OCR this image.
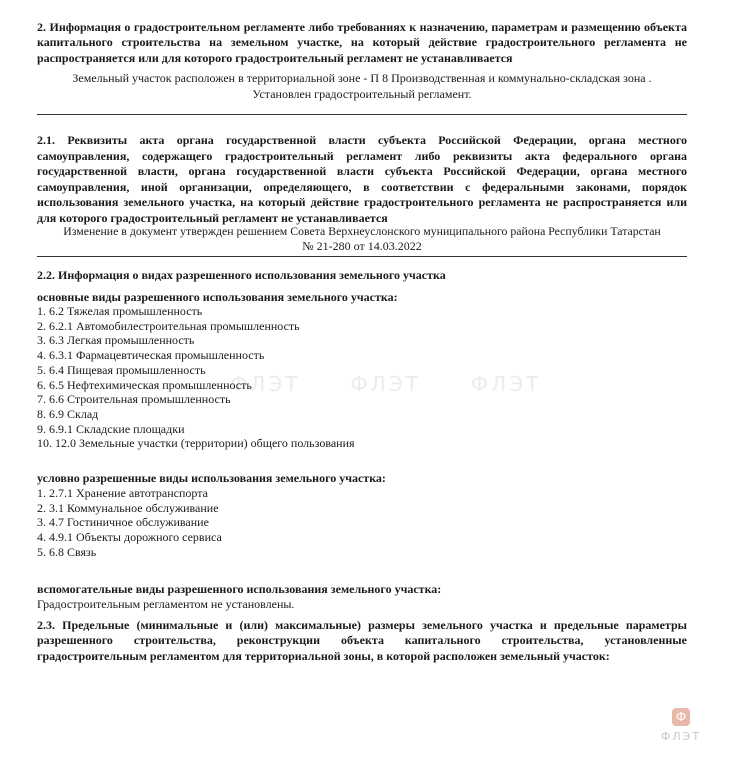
ФЛЭТ	ФЛЭТ	ФЛЭТ
2. Информация о градостроительном регламенте либо требованиях к назначению, параметрам и размещению объекта капитального строительства на земельном участке, на который действие градостроительного регламента не распространяется или для которого градостроительный регламент не устанавливается
Земельный участок расположен в территориальной зоне - П 8 Производственная и коммунально-складская зона .
Установлен градостроительный регламент.
2.1. Реквизиты акта органа государственной власти субъекта Российской Федерации, органа местного самоуправления, содержащего градостроительный регламент либо реквизиты акта федерального органа государственной власти, органа государственной власти субъекта Российской Федерации, органа местного самоуправления, иной организации, определяющего, в соответствии с федеральными законами, порядок использования земельного участка, на который действие градостроительного регламента не распространяется или для которого градостроительный регламент не устанавливается
Изменение в документ утвержден решением Совета Верхнеуслонского муниципального района Республики Татарстан
№ 21-280 от 14.03.2022
2.2. Информация о видах разрешенного использования земельного участка
основные виды разрешенного использования земельного участка:
1. 6.2 Тяжелая промышленность
2. 6.2.1 Автомобилестроительная промышленность
3. 6.3 Легкая промышленность
4. 6.3.1 Фармацевтическая промышленность
5. 6.4 Пищевая промышленность
6. 6.5 Нефтехимическая промышленность
7. 6.6 Строительная промышленность
8. 6.9 Склад
9. 6.9.1 Складские площадки
10. 12.0 Земельные участки (территории) общего пользования
условно разрешенные виды использования земельного участка:
1. 2.7.1 Хранение автотранспорта
2. 3.1 Коммунальное обслуживание
3. 4.7 Гостиничное обслуживание
4. 4.9.1 Объекты дорожного сервиса
5. 6.8 Связь
вспомогательные виды разрешенного использования земельного участка:
Градостроительным регламентом не установлены.
2.3. Предельные (минимальные и (или) максимальные) размеры земельного участка и предельные параметры разрешенного строительства, реконструкции объекта капитального строительства, установленные градостроительным регламентом для территориальной зоны, в которой расположен земельный участок:
Ф
ФЛЭТ
